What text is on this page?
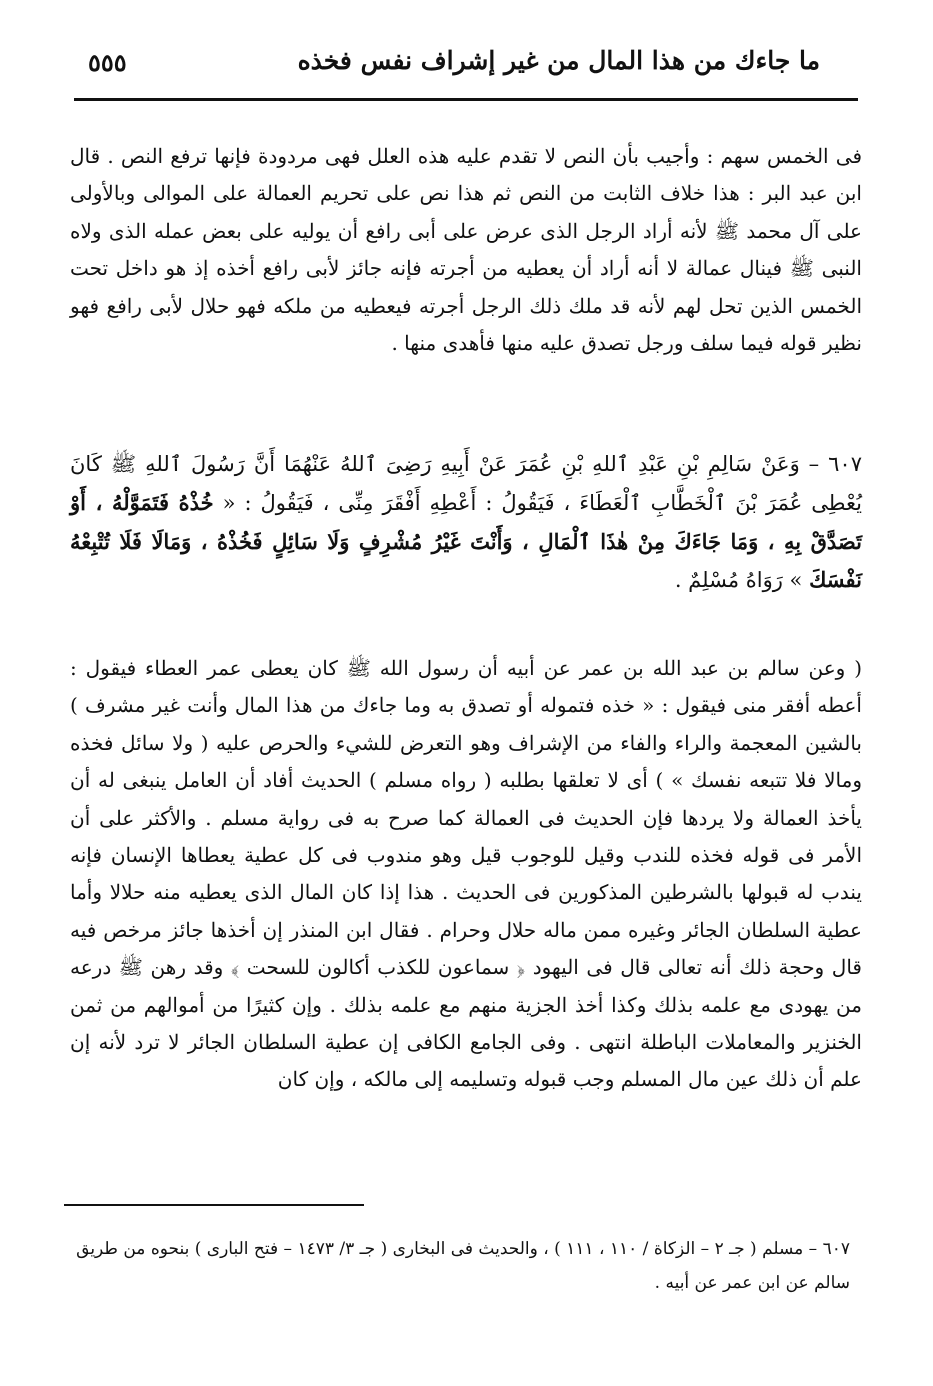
ما جاءك من هذا المال من غير إشراف نفس فخذه
٥٥٥
فى الخمس سهم : وأجيب بأن النص لا تقدم عليه هذه العلل فهى مردودة فإنها ترفع النص . قال ابن عبد البر : هذا خلاف الثابت من النص ثم هذا نص على تحريم العمالة على الموالى وبالأولى على آل محمد ﷺ لأنه أراد الرجل الذى عرض على أبى رافع أن يوليه على بعض عمله الذى ولاه النبى ﷺ فينال عمالة لا أنه أراد أن يعطيه من أجرته فإنه جائز لأبى رافع أخذه إذ هو داخل تحت الخمس الذين تحل لهم لأنه قد ملك ذلك الرجل أجرته فيعطيه من ملكه فهو حلال لأبى رافع فهو نظير قوله فيما سلف ورجل تصدق عليه منها فأهدى منها .
٦٠٧ – وَعَنْ سَالِمِ بْنِ عَبْدِ ٱللهِ بْنِ عُمَرَ عَنْ أَبِيهِ رَضِىَ ٱللهُ عَنْهُمَا أَنَّ رَسُولَ ٱللهِ ﷺ كَانَ يُعْطِى عُمَرَ بْنَ ٱلْخَطَّابِ ٱلْعَطَاءَ ، فَيَقُولُ : أَعْطِهِ أَفْقَرَ مِنِّى ، فَيَقُولُ : « خُذْهُ فَتَمَوَّلْهُ ، أَوْ تَصَدَّقْ بِهِ ، وَمَا جَاءَكَ مِنْ هٰذَا ٱلْمَالِ ، وَأَنْتَ غَيْرُ مُشْرِفٍ وَلَا سَائِلٍ فَخُذْهُ ، وَمَالَا فَلَا تُتْبِعْهُ نَفْسَكَ » رَوَاهُ مُسْلِمٌ .
( وعن سالم بن عبد الله بن عمر عن أبيه أن رسول الله ﷺ كان يعطى عمر العطاء فيقول : أعطه أفقر منى فيقول : « خذه فتموله أو تصدق به وما جاءك من هذا المال وأنت غير مشرف ) بالشين المعجمة والراء والفاء من الإشراف وهو التعرض للشيء والحرص عليه ( ولا سائل فخذه ومالا فلا تتبعه نفسك » ) أى لا تعلقها بطلبه ( رواه مسلم ) الحديث أفاد أن العامل ينبغى له أن يأخذ العمالة ولا يردها فإن الحديث فى العمالة كما صرح به فى رواية مسلم . والأكثر على أن الأمر فى قوله فخذه للندب وقيل للوجوب قيل وهو مندوب فى كل عطية يعطاها الإنسان فإنه يندب له قبولها بالشرطين المذكورين فى الحديث . هذا إذا كان المال الذى يعطيه منه حلالا وأما عطية السلطان الجائر وغيره ممن ماله حلال وحرام . فقال ابن المنذر إن أخذها جائز مرخص فيه قال وحجة ذلك أنه تعالى قال فى اليهود ﴿ سماعون للكذب أكالون للسحت ﴾ وقد رهن ﷺ درعه من يهودى مع علمه بذلك وكذا أخذ الجزية منهم مع علمه بذلك . وإن كثيرًا من أموالهم من ثمن الخنزير والمعاملات الباطلة انتهى . وفى الجامع الكافى إن عطية السلطان الجائر لا ترد لأنه إن علم أن ذلك عين مال المسلم وجب قبوله وتسليمه إلى مالكه ، وإن كان
٦٠٧ – مسلم ( جـ ٢ – الزكاة / ١١٠ ، ١١١ ) ، والحديث فى البخارى ( جـ ٣/ ١٤٧٣ – فتح البارى ) بنحوه من طريق سالم عن ابن عمر عن أبيه .
